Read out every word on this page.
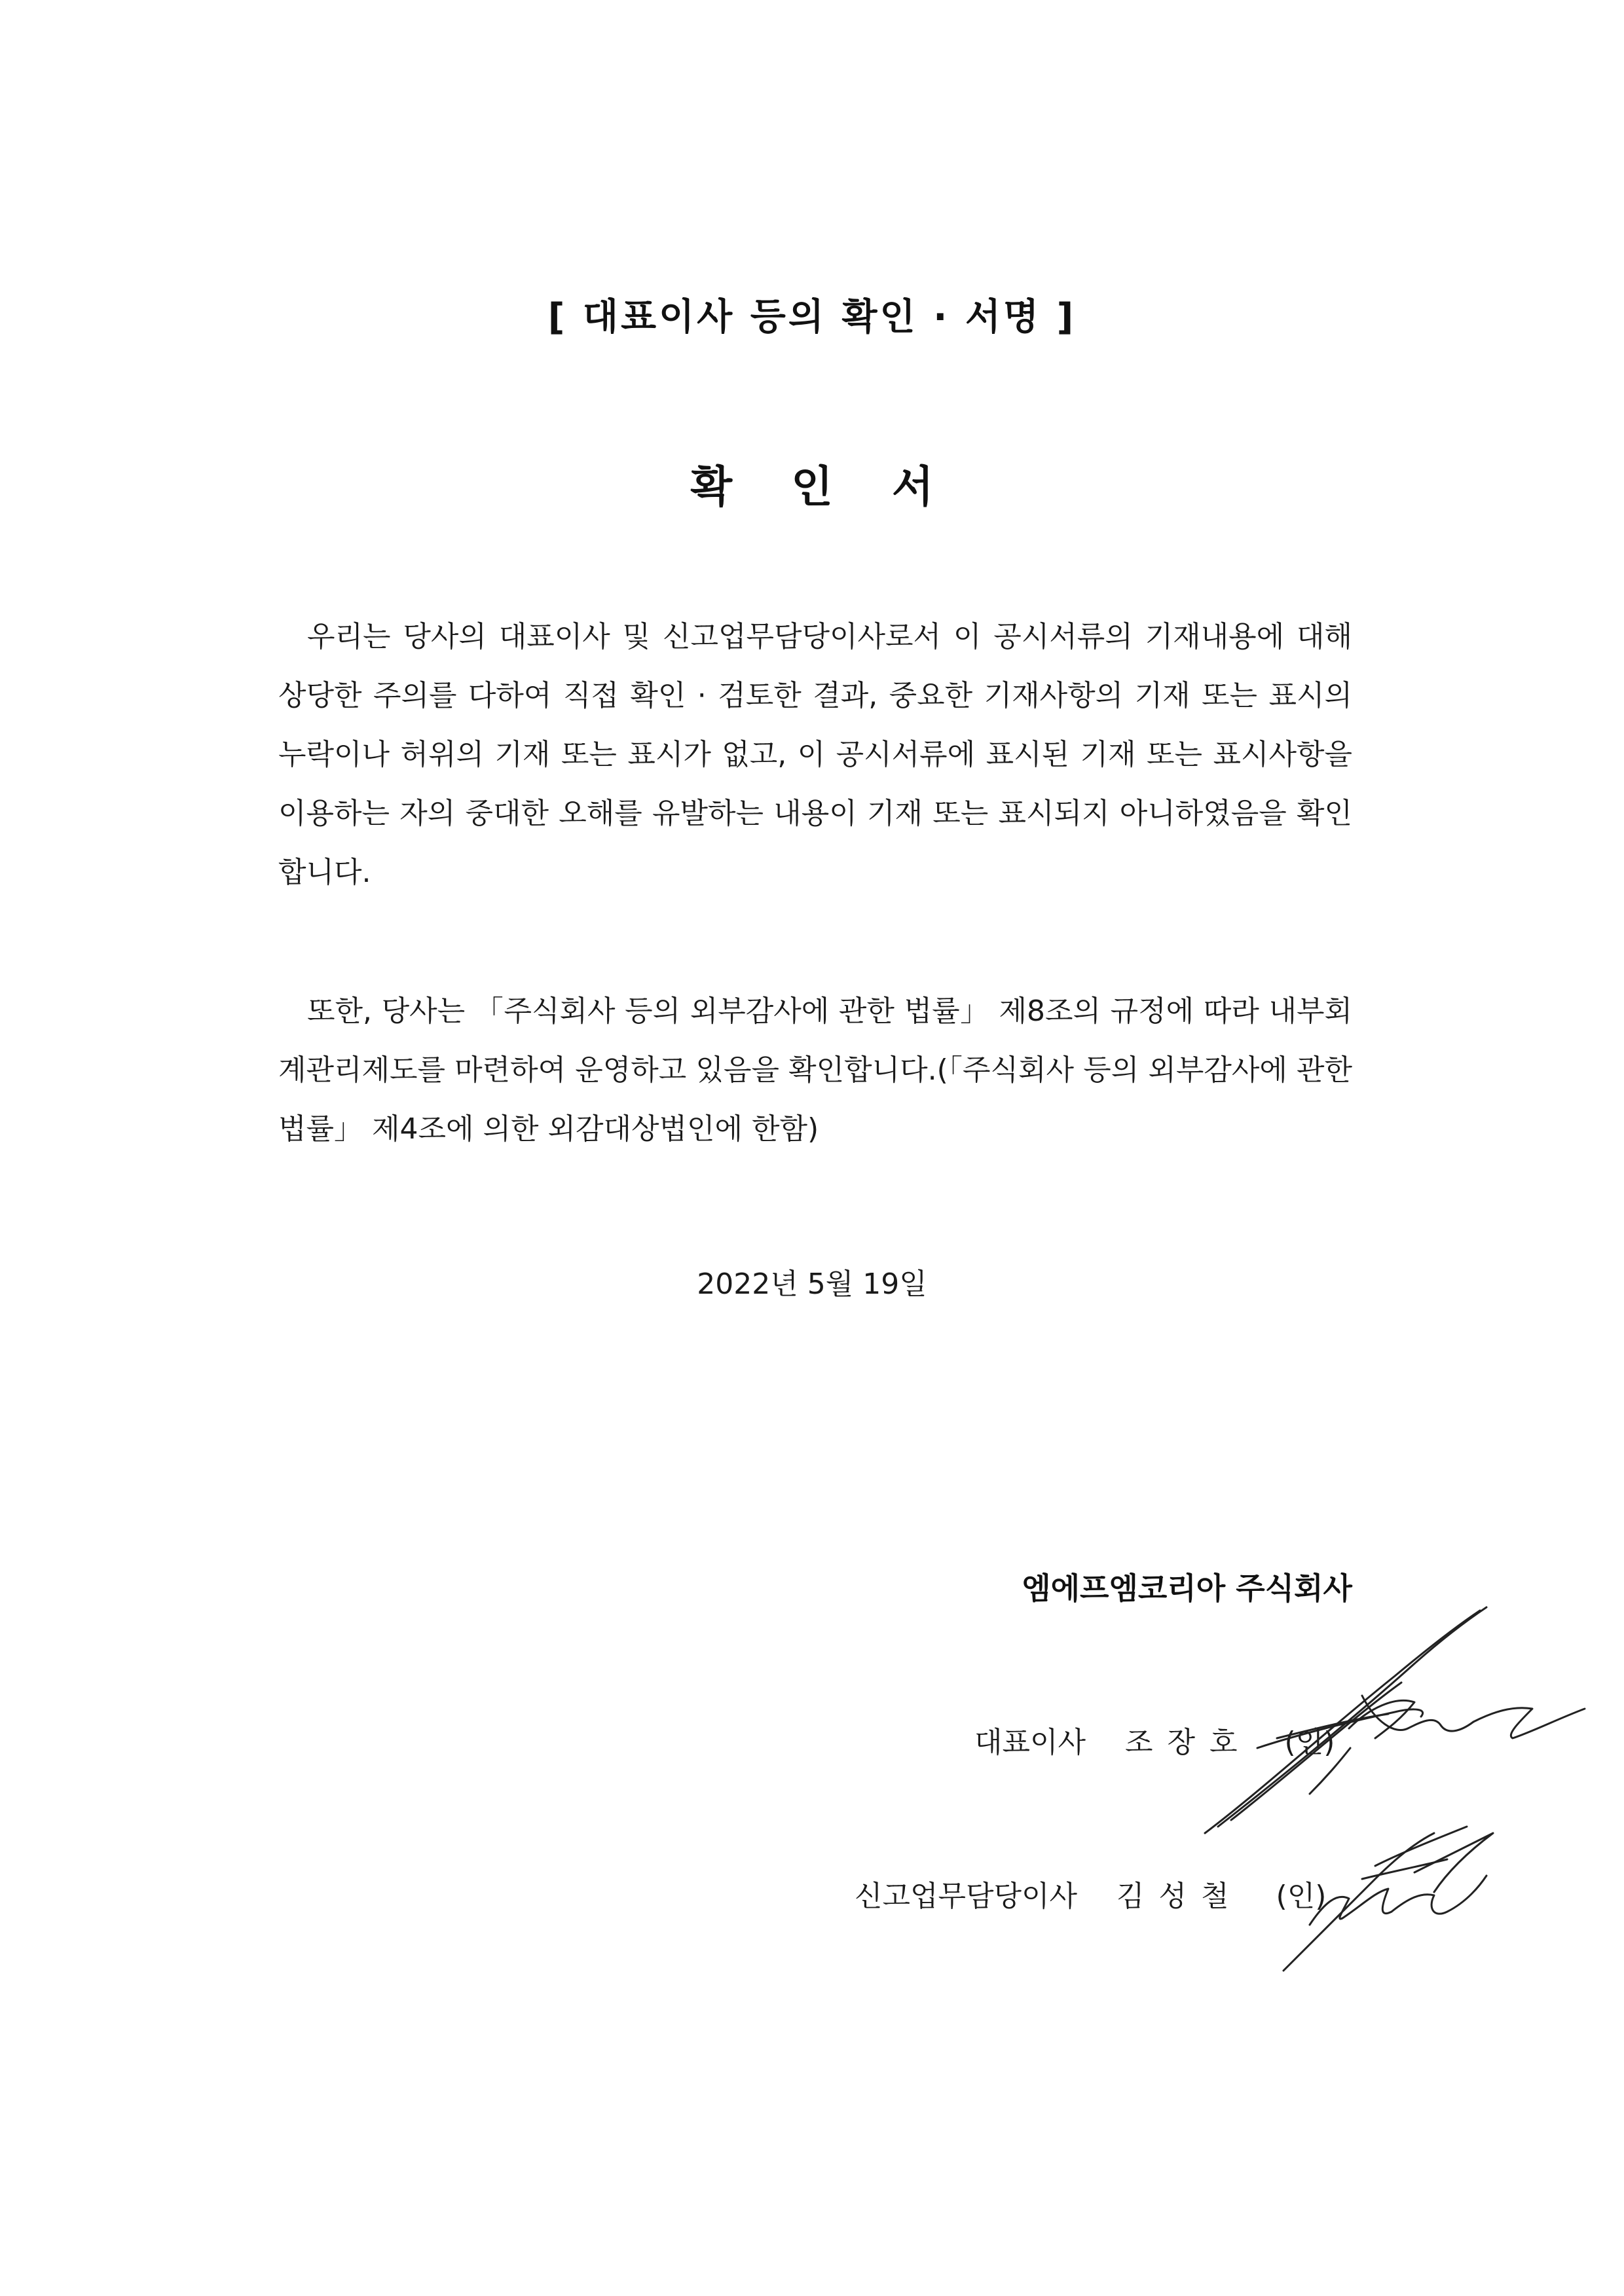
[ 대표이사 등의 확인 · 서명 ]
확인서
우리는 당사의 대표이사 및 신고업무담당이사로서 이 공시서류의 기재내용에 대해 상당한 주의를 다하여 직접 확인 · 검토한 결과, 중요한 기재사항의 기재 또는 표시의 누락이나 허위의 기재 또는 표시가 없고, 이 공시서류에 표시된 기재 또는 표시사항을 이용하는 자의 중대한 오해를 유발하는 내용이 기재 또는 표시되지 아니하였음을 확인합니다.
또한, 당사는 「주식회사 등의 외부감사에 관한 법률」 제8조의 규정에 따라 내부회계관리제도를 마련하여 운영하고 있음을 확인합니다.(「주식회사 등의 외부감사에 관한 법률」 제4조에 의한 외감대상법인에 한함)
2022년 5월 19일
엠에프엠코리아 주식회사
대표이사 조장호 (인)
신고업무담당이사 김성철 (인)
